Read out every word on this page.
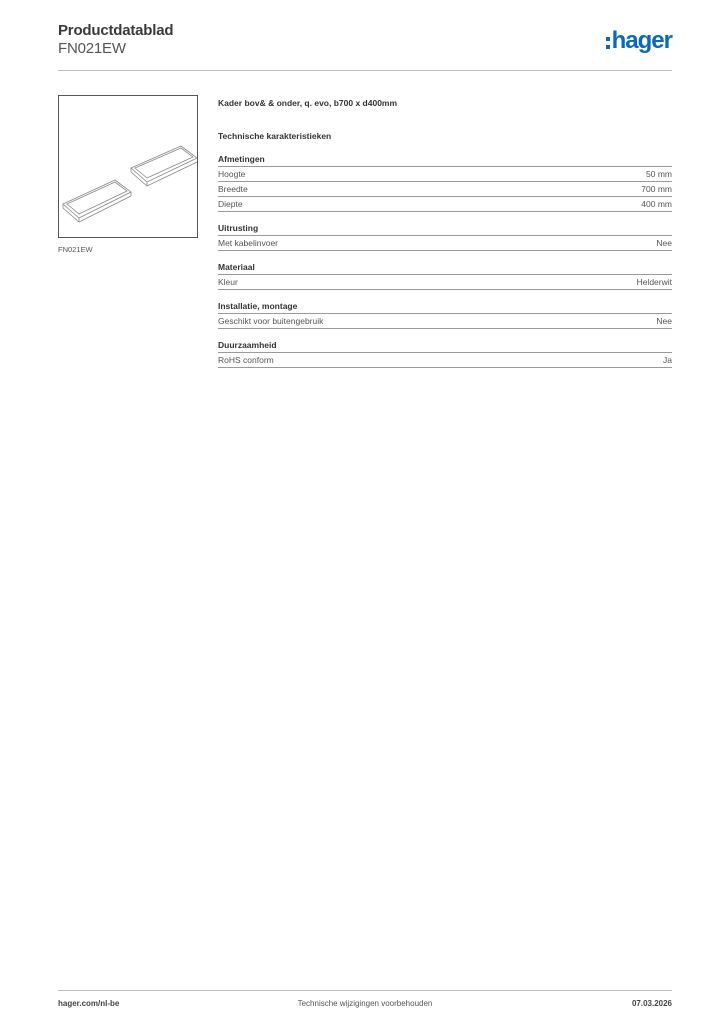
Productdatablad
FN021EW	hager
FN021EW
Kader bov& & onder, q. evo, b700 x d400mm
Technische karakteristieken
Afmetingen
Hoogte	50 mm
Breedte	700 mm
Diepte	400 mm
Uitrusting
Met kabelinvoer	Nee
Materiaal
Kleur	Helderwit
Installatie, montage
Geschikt voor buitengebruik	Nee
Duurzaamheid
RoHS conform	Ja
hager.com/nl-be	Technische wijzigingen voorbehouden	07.03.2026
